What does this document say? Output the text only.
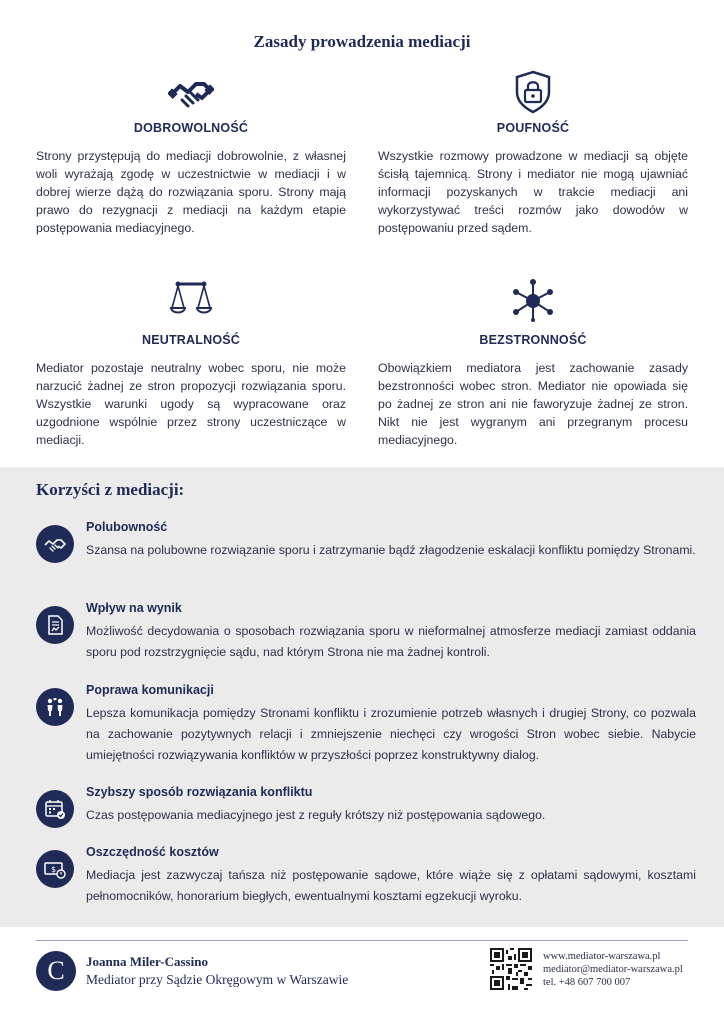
Zasady prowadzenia mediacji
DOBROWOLNOŚĆ
Strony przystępują do mediacji dobrowolnie, z własnej woli wyrażają zgodę w uczestnictwie w mediacji i w dobrej wierze dążą do rozwiązania sporu. Strony mają prawo do rezygnacji z mediacji na każdym etapie postępowania mediacyjnego.
POUFNOŚĆ
Wszystkie rozmowy prowadzone w mediacji są objęte ścisłą tajemnicą. Strony i mediator nie mogą ujawniać informacji pozyskanych w trakcie mediacji ani wykorzystywać treści rozmów jako dowodów w postępowaniu przed sądem.
NEUTRALNOŚĆ
Mediator pozostaje neutralny wobec sporu, nie może narzucić żadnej ze stron propozycji rozwiązania sporu. Wszystkie warunki ugody są wypracowane oraz uzgodnione wspólnie przez strony uczestniczące w mediacji.
BEZSTRONNOŚĆ
Obowiązkiem mediatora jest zachowanie zasady bezstronności wobec stron. Mediator nie opowiada się po żadnej ze stron ani nie faworyzuje żadnej ze stron. Nikt nie jest wygranym ani przegranym procesu mediacyjnego.
Korzyści z mediacji:
Polubowność
Szansa na polubowne rozwiązanie sporu i zatrzymanie bądź złagodzenie eskalacji konfliktu pomiędzy Stronami.
Wpływ na wynik
Możliwość decydowania o sposobach rozwiązania sporu w nieformalnej atmosferze mediacji zamiast oddania sporu pod rozstrzygnięcie sądu, nad którym Strona nie ma żadnej kontroli.
Poprawa komunikacji
Lepsza komunikacja pomiędzy Stronami konfliktu i zrozumienie potrzeb własnych i drugiej Strony, co pozwala na zachowanie pozytywnych relacji i zmniejszenie niechęci czy wrogości Stron wobec siebie. Nabycie umiejętności rozwiązywania konfliktów w przyszłości poprzez konstruktywny dialog.
Szybszy sposób rozwiązania konfliktu
Czas postępowania mediacyjnego jest z reguły krótszy niż postępowania sądowego.
$
Oszczędność kosztów
Mediacja jest zazwyczaj tańsza niż postępowanie sądowe, które wiąże się z opłatami sądowymi, kosztami pełnomocników, honorarium biegłych, ewentualnymi kosztami egzekucji wyroku.
C	Joanna Miler-Cassino
Mediator przy Sądzie Okręgowym w Warszawie
www.mediator-warszawa.pl
mediator@mediator-warszawa.pl
tel. +48 607 700 007
